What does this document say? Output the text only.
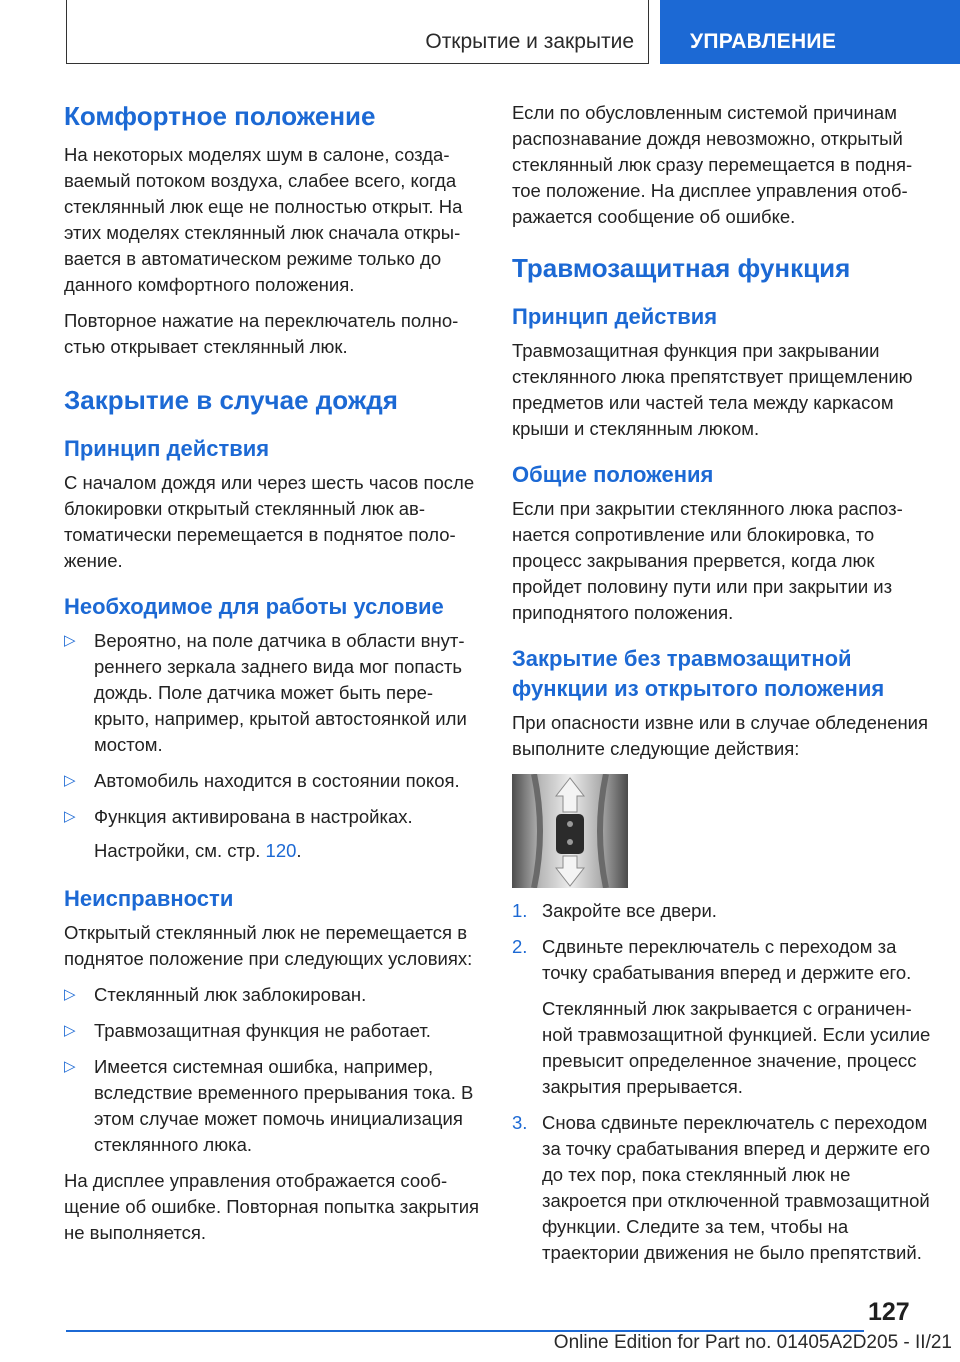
Открытие и закрытие	УПРАВЛЕНИЕ
Комфортное положение

На некоторых моделях шум в салоне, создаваемый потоком воздуха, слабее всего, когда стеклянный люк еще не полностью открыт. На этих моделях стеклянный люк сначала открывается в автоматическом режиме только до данного комфортного положения.

Повторное нажатие на переключатель полностью открывает стеклянный люк.

Закрытие в случае дождя
Принцип действия

С началом дождя или через шесть часов после блокировки открытый стеклянный люк автоматически перемещается в поднятое положение.

Необходимое для работы условие
▷ Вероятно, на поле датчика в области внутреннего зеркала заднего вида мог попасть дождь. Поле датчика может быть перекрыто, например, крытой автостоянкой или мостом.
▷ Автомобиль находится в состоянии покоя.
▷ Функция активирована в настройках.

Настройки, см. стр. 120.

Неисправности

Открытый стеклянный люк не перемещается в поднятое положение при следующих условиях:

▷ Стеклянный люк заблокирован.
▷ Травмозащитная функция не работает.
▷ Имеется системная ошибка, например, вследствие временного прерывания тока. В этом случае может помочь инициализация стеклянного люка.

На дисплее управления отображается сообщение об ошибке. Повторная попытка закрытия не выполняется.

Если по обусловленным системой причинам распознавание дождя невозможно, открытый стеклянный люк сразу перемещается в поднятое положение. На дисплее управления отображается сообщение об ошибке.

Травмозащитная функция
Принцип действия

Травмозащитная функция при закрывании стеклянного люка препятствует прищемлению предметов или частей тела между каркасом крыши и стеклянным люком.

Общие положения

Если при закрытии стеклянного люка распознается сопротивление или блокировка, то процесс закрывания прервется, когда люк пройдет половину пути или при закрытии из приподнятого положения.

Закрытие без травмозащитной функции из открытого положения

При опасности извне или в случае обледенения выполните следующие действия:

1. Закройте все двери.
2. Сдвиньте переключатель с переходом за точку срабатывания вперед и держите его.

Стеклянный люк закрывается с ограниченной травмозащитной функцией. Если усилие превысит определенное значение, процесс закрытия прерывается.

3. Снова сдвиньте переключатель с переходом за точку срабатывания вперед и держите его до тех пор, пока стеклянный люк не закроется при отключенной травмозащитной функции. Следите за тем, чтобы на траектории движения не было препятствий.
127
Online Edition for Part no. 01405A2D205 - II/21
